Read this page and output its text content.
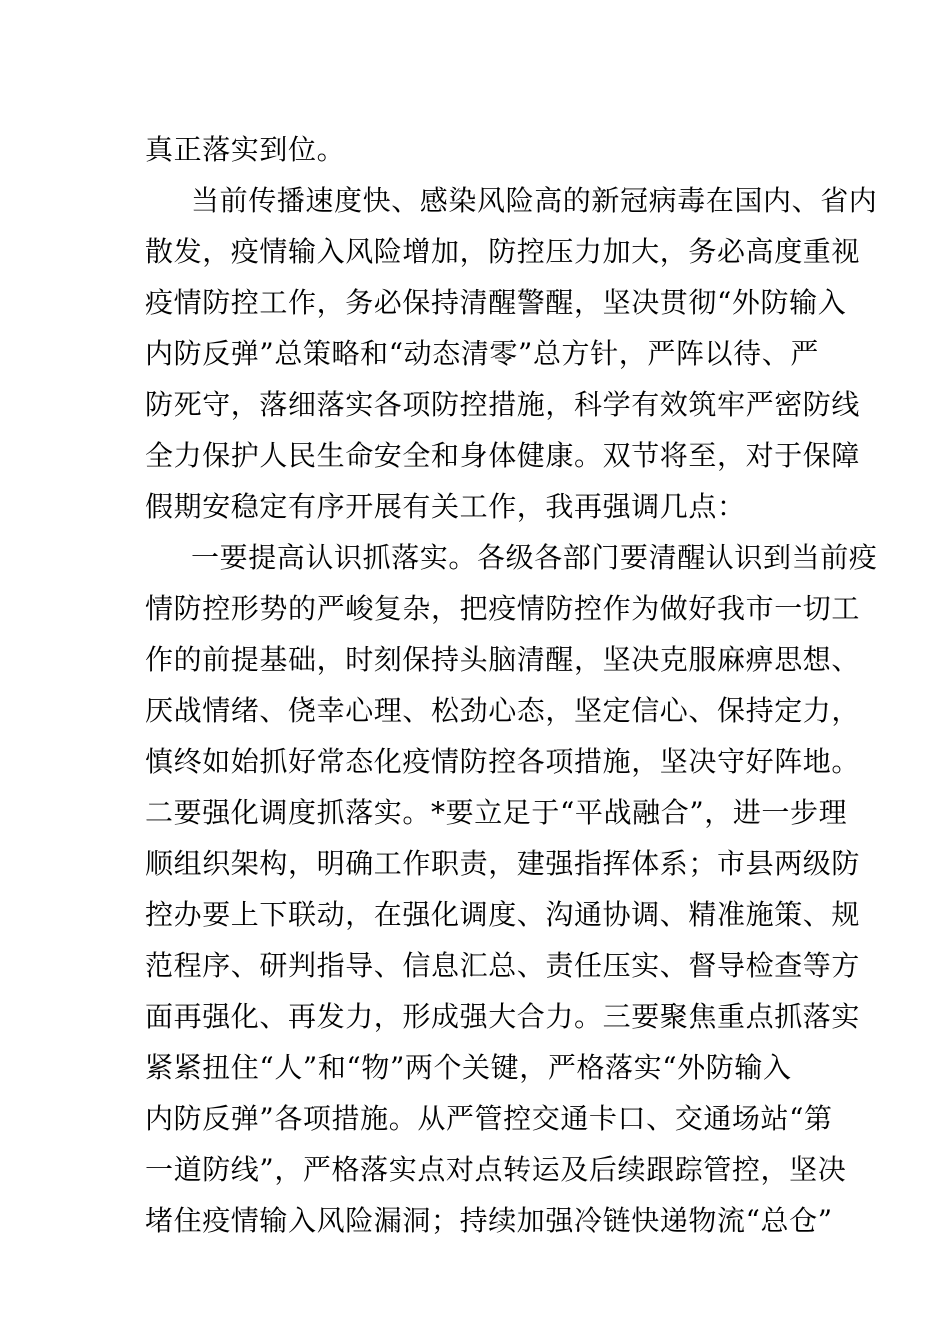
真正落实到位。
当前传播速度快、感染风险高的新冠病毒在国内、省内
散发，疫情输入风险增加，防控压力加大，务必高度重视
疫情防控工作，务必保持清醒警醒，坚决贯彻“外防输入
内防反弹”总策略和“动态清零”总方针，严阵以待、严
防死守，落细落实各项防控措施，科学有效筑牢严密防线
全力保护人民生命安全和身体健康。双节将至，对于保障
假期安稳定有序开展有关工作，我再强调几点：
一要提高认识抓落实。各级各部门要清醒认识到当前疫
情防控形势的严峻复杂，把疫情防控作为做好我市一切工
作的前提基础，时刻保持头脑清醒，坚决克服麻痹思想、
厌战情绪、侥幸心理、松劲心态，坚定信心、保持定力，
慎终如始抓好常态化疫情防控各项措施，坚决守好阵地。
二要强化调度抓落实。*要立足于“平战融合”，进一步理
顺组织架构，明确工作职责，建强指挥体系；市县两级防
控办要上下联动，在强化调度、沟通协调、精准施策、规
范程序、研判指导、信息汇总、责任压实、督导检查等方
面再强化、再发力，形成强大合力。三要聚焦重点抓落实
紧紧扭住“人”和“物”两个关键，严格落实“外防输入
内防反弹”各项措施。从严管控交通卡口、交通场站“第
一道防线”，严格落实点对点转运及后续跟踪管控，坚决
堵住疫情输入风险漏洞；持续加强冷链快递物流“总仓”
